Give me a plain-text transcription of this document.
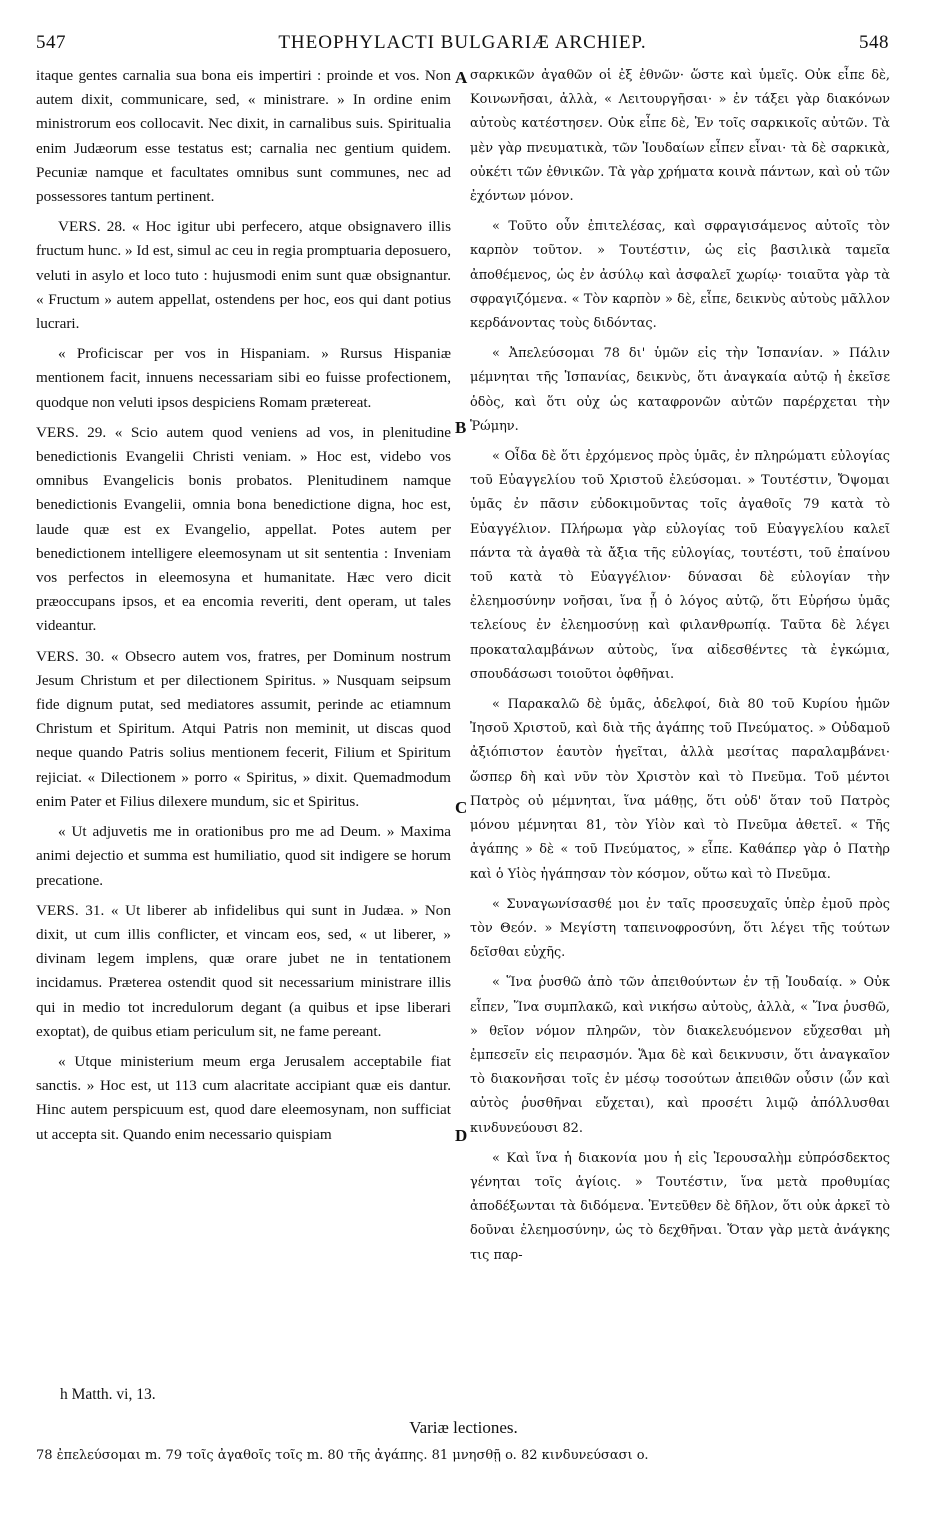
547	THEOPHYLACTI BULGARIÆ ARCHIEP.	548

itaque gentes carnalia sua bona eis impertiri : proinde et vos. Non autem dixit, communicare, sed, « ministrare. » In ordine enim ministrorum eos collocavit. Nec dixit, in carnalibus suis. Spiritualia enim Judæorum esse testatus est; carnalia nec gentium quidem. Pecuniæ namque et facultates omnibus sunt communes, nec ad possessores tantum pertinent.

VERS. 28. « Hoc igitur ubi perfecero, atque obsignavero illis fructum hunc. » Id est, simul ac ceu in regia promptuaria deposuero, veluti in asylo et loco tuto : hujusmodi enim sunt quæ obsignantur. « Fructum » autem appellat, ostendens per hoc, eos qui dant potius lucrari.

« Proficiscar per vos in Hispaniam. » Rursus Hispaniæ mentionem facit, innuens necessariam sibi eo fuisse profectionem, quodque non veluti ipsos despiciens Romam prætereat.

VERS. 29. « Scio autem quod veniens ad vos, in plenitudine benedictionis Evangelii Christi veniam. » Hoc est, videbo vos omnibus Evangelicis bonis probatos. Plenitudinem namque benedictionis Evangelii, omnia bona benedictione digna, hoc est, laude quæ est ex Evangelio, appellat. Potes autem per benedictionem intelligere eleemosynam ut sit sententia : Inveniam vos perfectos in eleemosyna et humanitate. Hæc vero dicit præoccupans ipsos, et ea encomia reveriti, dent operam, ut tales videantur.

VERS. 30. « Obsecro autem vos, fratres, per Dominum nostrum Jesum Christum et per dilectionem Spiritus. » Nusquam seipsum fide dignum putat, sed mediatores assumit, perinde ac etiamnum Christum et Spiritum. Atqui Patris non meminit, ut discas quod neque quando Patris solius mentionem fecerit, Filium et Spiritum rejiciat. « Dilectionem » porro « Spiritus, » dixit. Quemadmodum enim Pater et Filius dilexere mundum, sic et Spiritus.

« Ut adjuvetis me in orationibus pro me ad Deum. » Maxima animi dejectio et summa est humiliatio, quod sit indigere se horum precatione.

VERS. 31. « Ut liberer ab infidelibus qui sunt in Judæa. » Non dixit, ut cum illis conflicter, et vincam eos, sed, « ut liberer, » divinam legem implens, quæ orare jubet ne in tentationem incidamus. Præterea ostendit quod sit necessarium ministrare illis qui in medio tot incredulorum degant (a quibus et ipse liberari exoptat), de quibus etiam periculum sit, ne fame pereant.

« Utque ministerium meum erga Jerusalem acceptabile fiat sanctis. » Hoc est, ut 113 cum alacritate accipiant quæ eis dantur. Hinc autem perspicuum est, quod dare eleemosynam, non sufficiat ut accepta sit. Quando enim necessario quispiam

σαρκικῶν ἀγαθῶν οἱ ἐξ ἐθνῶν· ὥστε καὶ ὑμεῖς. Οὐκ εἶπε δὲ, Κοινωνῆσαι, ἀλλὰ, « Λειτουργῆσαι· » ἐν τάξει γὰρ διακόνων αὐτοὺς κατέστησεν. Οὐκ εἶπε δὲ, Ἐν τοῖς σαρκικοῖς αὐτῶν. Τὰ μὲν γὰρ πνευματικὰ, τῶν Ἰουδαίων εἶπεν εἶναι· τὰ δὲ σαρκικὰ, οὐκέτι τῶν ἐθνικῶν. Τὰ γὰρ χρήματα κοινὰ πάντων, καὶ οὐ τῶν ἐχόντων μόνον.

« Τοῦτο οὖν ἐπιτελέσας, καὶ σφραγισάμενος αὐτοῖς τὸν καρπὸν τοῦτον. » Τουτέστιν, ὡς εἰς βασιλικὰ ταμεῖα ἀποθέμενος, ὡς ἐν ἀσύλῳ καὶ ἀσφαλεῖ χωρίῳ· τοιαῦτα γὰρ τὰ σφραγιζόμενα. « Τὸν καρπὸν » δὲ, εἶπε, δεικνὺς αὐτοὺς μᾶλλον κερδάνοντας τοὺς διδόντας.

« Ἀπελεύσομαι 78 δι' ὑμῶν εἰς τὴν Ἱσπανίαν. » Πάλιν μέμνηται τῆς Ἱσπανίας, δεικνὺς, ὅτι ἀναγκαία αὐτῷ ἡ ἐκεῖσε ὁδὸς, καὶ ὅτι οὐχ ὡς καταφρονῶν αὐτῶν παρέρχεται τὴν Ῥώμην.

« Οἶδα δὲ ὅτι ἐρχόμενος πρὸς ὑμᾶς, ἐν πληρώματι εὐλογίας τοῦ Εὐαγγελίου τοῦ Χριστοῦ ἐλεύσομαι. » Τουτέστιν, Ὄψομαι ὑμᾶς ἐν πᾶσιν εὐδοκιμοῦντας τοῖς ἀγαθοῖς 79 κατὰ τὸ Εὐαγγέλιον. Πλήρωμα γὰρ εὐλογίας τοῦ Εὐαγγελίου καλεῖ πάντα τὰ ἀγαθὰ τὰ ἄξια τῆς εὐλογίας, τουτέστι, τοῦ ἐπαίνου τοῦ κατὰ τὸ Εὐαγγέλιον· δύνασαι δὲ εὐλογίαν τὴν ἐλεημοσύνην νοῆσαι, ἵνα ᾖ ὁ λόγος αὐτῷ, ὅτι Εὑρήσω ὑμᾶς τελείους ἐν ἐλεημοσύνῃ καὶ φιλανθρωπίᾳ. Ταῦτα δὲ λέγει προκαταλαμβάνων αὐτοὺς, ἵνα αἰδεσθέντες τὰ ἐγκώμια, σπουδάσωσι τοιοῦτοι ὀφθῆναι.

« Παρακαλῶ δὲ ὑμᾶς, ἀδελφοί, διὰ 80 τοῦ Κυρίου ἡμῶν Ἰησοῦ Χριστοῦ, καὶ διὰ τῆς ἀγάπης τοῦ Πνεύματος. » Οὐδαμοῦ ἀξιόπιστον ἑαυτὸν ἡγεῖται, ἀλλὰ μεσίτας παραλαμβάνει· ὥσπερ δὴ καὶ νῦν τὸν Χριστὸν καὶ τὸ Πνεῦμα. Τοῦ μέντοι Πατρὸς οὐ μέμνηται, ἵνα μάθῃς, ὅτι οὐδ' ὅταν τοῦ Πατρὸς μόνου μέμνηται 81, τὸν Υἱὸν καὶ τὸ Πνεῦμα ἀθετεῖ. « Τῆς ἀγάπης » δὲ « τοῦ Πνεύματος, » εἶπε. Καθάπερ γὰρ ὁ Πατὴρ καὶ ὁ Υἱὸς ἠγάπησαν τὸν κόσμον, οὕτω καὶ τὸ Πνεῦμα.

« Συναγωνίσασθέ μοι ἐν ταῖς προσευχαῖς ὑπὲρ ἐμοῦ πρὸς τὸν Θεόν. » Μεγίστη ταπεινοφροσύνη, ὅτι λέγει τῆς τούτων δεῖσθαι εὐχῆς.

« Ἵνα ῥυσθῶ ἀπὸ τῶν ἀπειθούντων ἐν τῇ Ἰουδαίᾳ. » Οὐκ εἶπεν, Ἵνα συμπλακῶ, καὶ νικήσω αὐτοὺς, ἀλλὰ, « Ἵνα ῥυσθῶ, » θεῖον νόμον πληρῶν, τὸν διακελευόμενον εὔχεσθαι μὴ ἐμπεσεῖν εἰς πειρασμόν. Ἅμα δὲ καὶ δεικνυσιν, ὅτι ἀναγκαῖον τὸ διακονῆσαι τοῖς ἐν μέσῳ τοσούτων ἀπειθῶν οὖσιν (ὧν καὶ αὐτὸς ῥυσθῆναι εὔχεται), καὶ προσέτι λιμῷ ἀπόλλυσθαι κινδυνεύουσι 82.

« Καὶ ἵνα ἡ διακονία μου ἡ εἰς Ἱερουσαλὴμ εὐπρόσδεκτος γένηται τοῖς ἁγίοις. » Τουτέστιν, ἵνα μετὰ προθυμίας ἀποδέξωνται τὰ διδόμενα. Ἐντεῦθεν δὲ δῆλον, ὅτι οὐκ ἀρκεῖ τὸ δοῦναι ἐλεημοσύνην, ὡς τὸ δεχθῆναι. Ὅταν γὰρ μετὰ ἀνάγκης τις παρ-

A
B
C
D
h Matth. vi, 13.
Variæ lectiones.
78 ἐπελεύσομαι m. 79 τοῖς ἀγαθοῖς τοῖς m. 80 τῆς ἀγάπης. 81 μνησθῇ o. 82 κινδυνεύσασι o.
